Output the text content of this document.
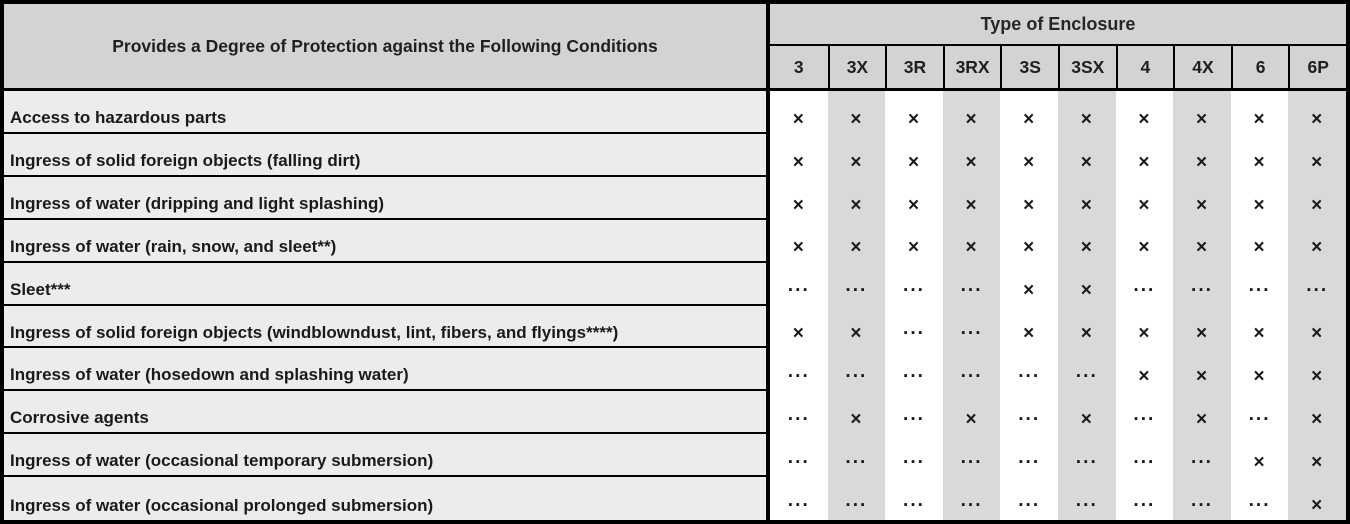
Provides a Degree of Protection against the Following Conditions
Type of Enclosure
3	3X	3R	3RX	3S	3SX	4	4X	6	6P
Access to hazardous parts	×	×	×	×	×	×	×	×	×	×
Ingress of solid foreign objects (falling dirt)	×	×	×	×	×	×	×	×	×	×
Ingress of water (dripping and light splashing)	×	×	×	×	×	×	×	×	×	×
Ingress of water (rain, snow, and sleet**)	×	×	×	×	×	×	×	×	×	×
Sleet***	···	···	···	···	×	×	···	···	···	···
Ingress of solid foreign objects (windblowndust, lint, fibers, and flyings****)	×	×	···	···	×	×	×	×	×	×
Ingress of water (hosedown and splashing water)	···	···	···	···	···	···	×	×	×	×
Corrosive agents	···	×	···	×	···	×	···	×	···	×
Ingress of water (occasional temporary submersion)	···	···	···	···	···	···	···	···	×	×
Ingress of water (occasional prolonged submersion)	···	···	···	···	···	···	···	···	···	×
